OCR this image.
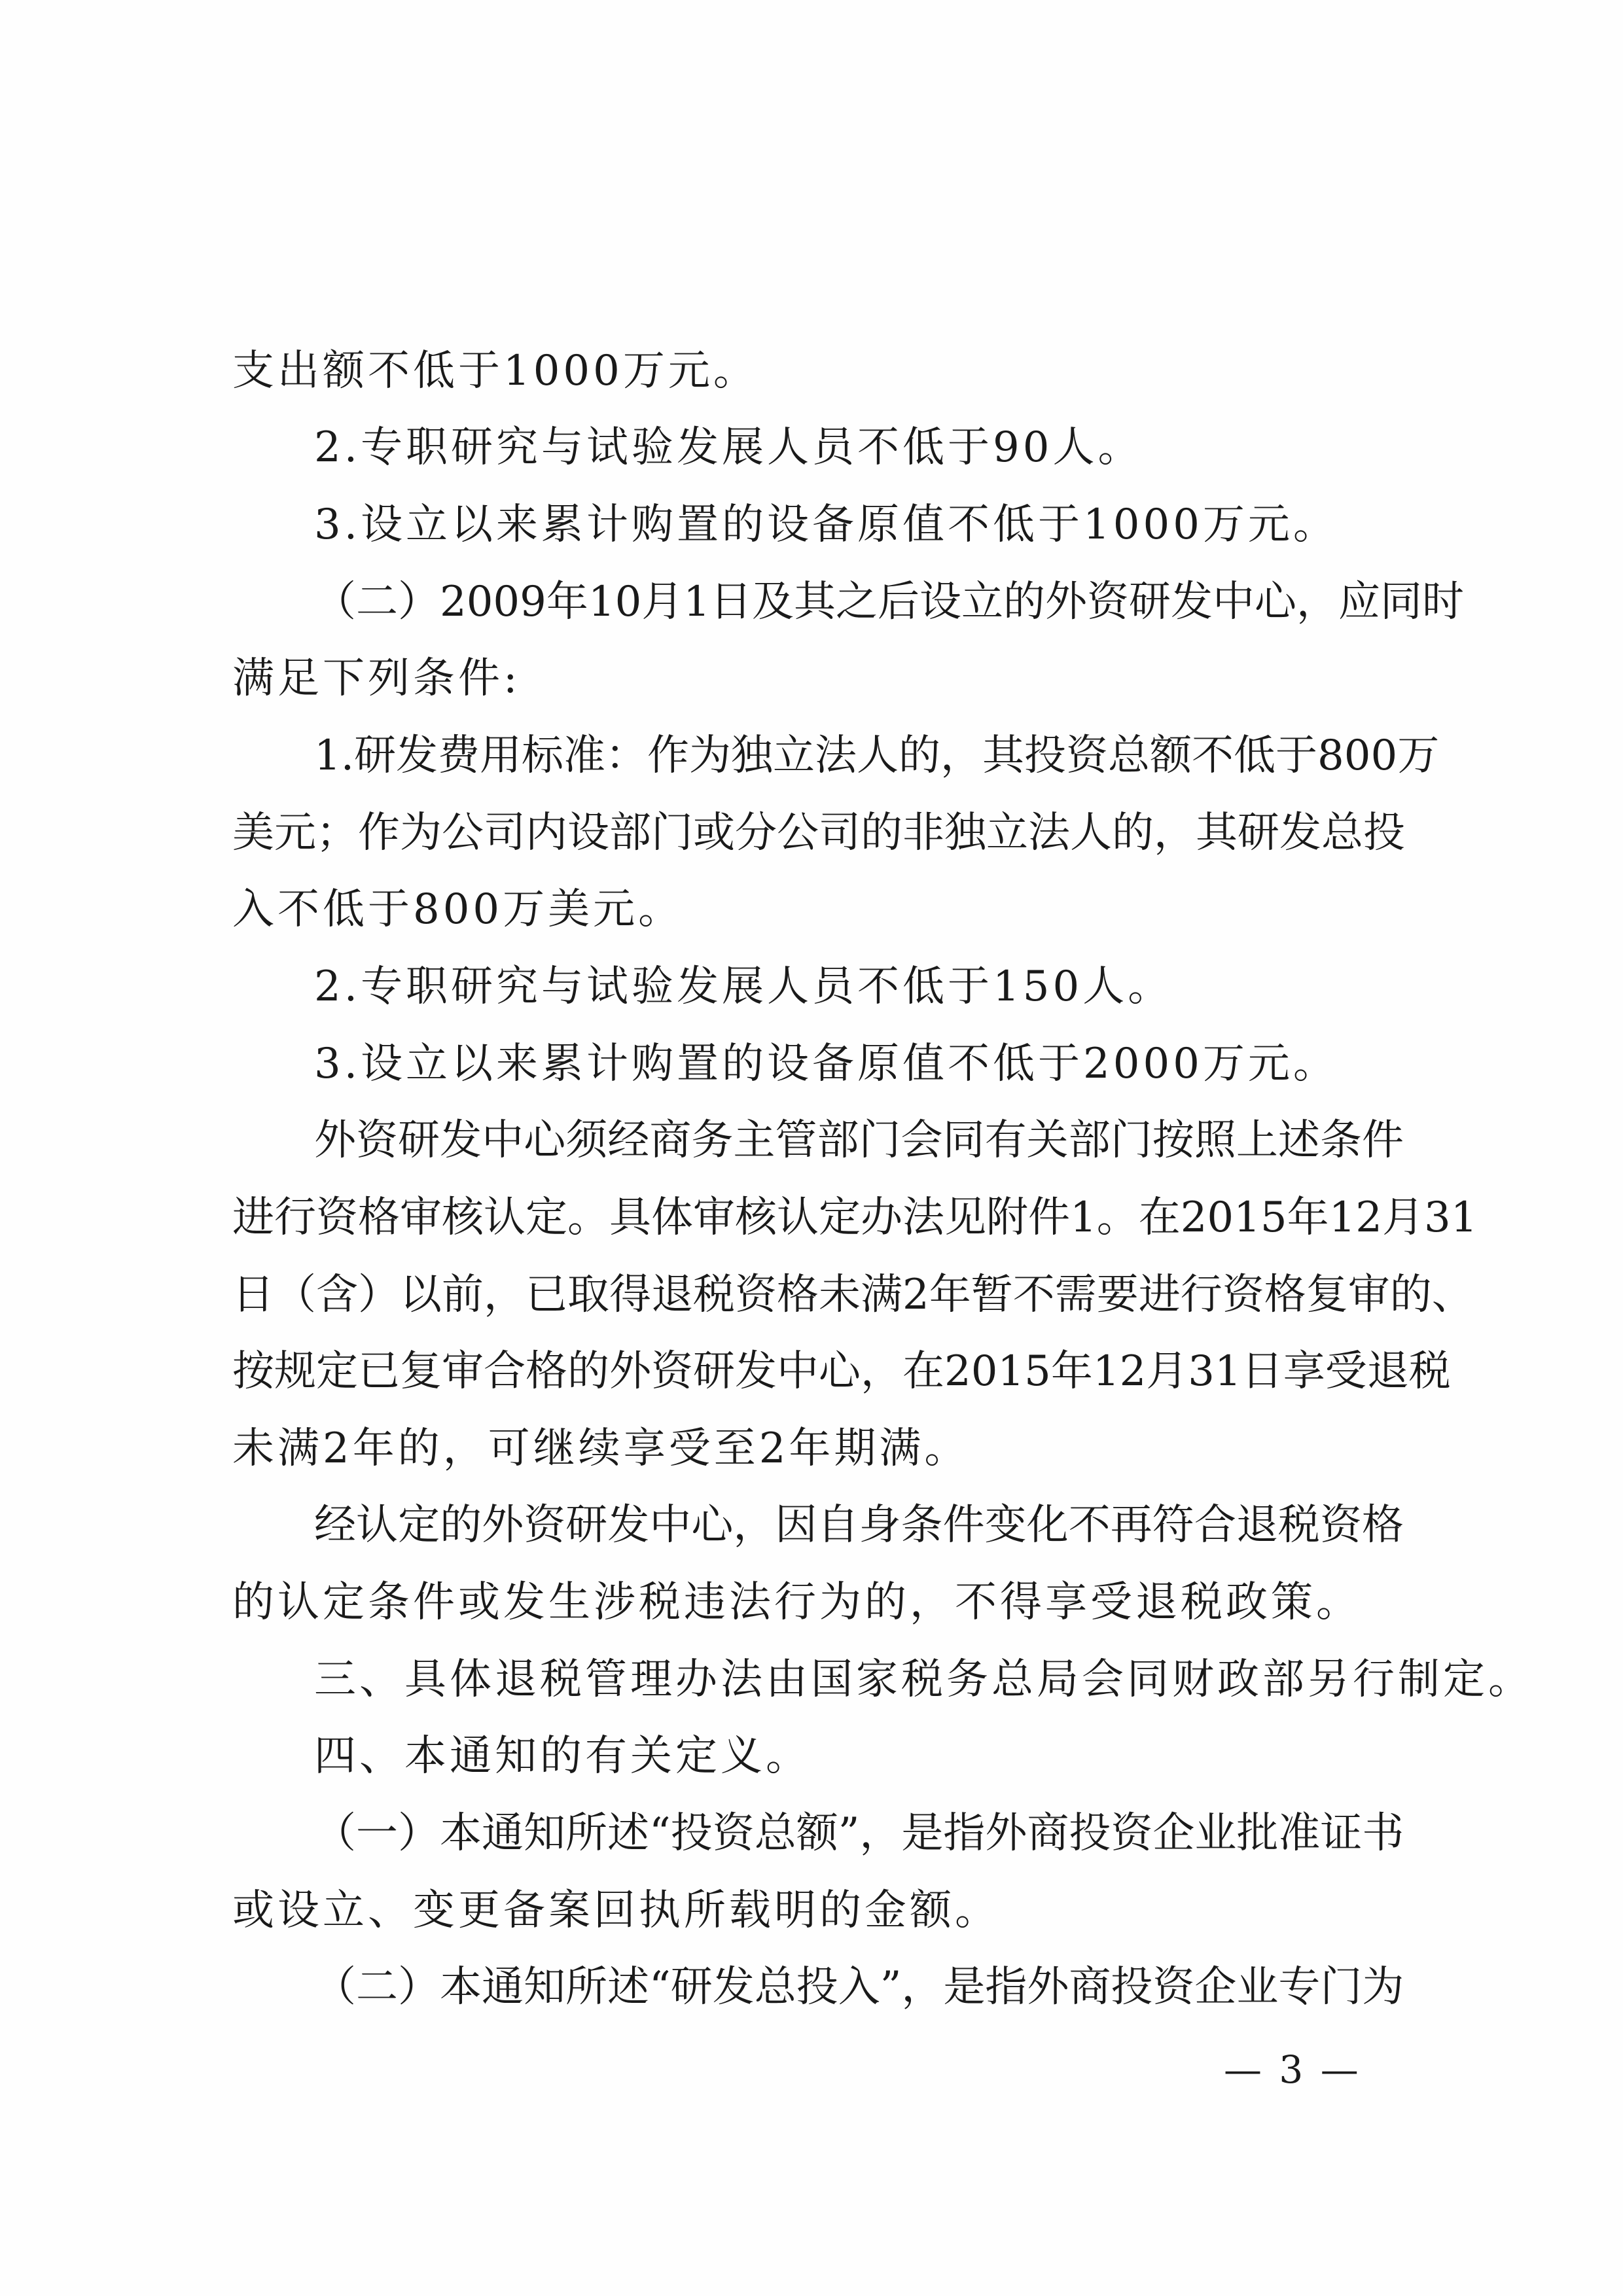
支出额不低于1000万元。
2.专职研究与试验发展人员不低于90人。
3.设立以来累计购置的设备原值不低于1000万元。
（二）2009年10月1日及其之后设立的外资研发中心，应同时
满足下列条件:
1.研发费用标准：作为独立法人的，其投资总额不低于800万
美元；作为公司内设部门或分公司的非独立法人的，其研发总投
入不低于800万美元。
2.专职研究与试验发展人员不低于150人。
3.设立以来累计购置的设备原值不低于2000万元。
外资研发中心须经商务主管部门会同有关部门按照上述条件
进行资格审核认定。具体审核认定办法见附件1。在2015年12月31
日（含）以前，已取得退税资格未满2年暂不需要进行资格复审的、
按规定已复审合格的外资研发中心，在2015年12月31日享受退税
未满2年的，可继续享受至2年期满。
经认定的外资研发中心，因自身条件变化不再符合退税资格
的认定条件或发生涉税违法行为的，不得享受退税政策。
三、具体退税管理办法由国家税务总局会同财政部另行制定。
四、本通知的有关定义。
（一）本通知所述“投资总额”，是指外商投资企业批准证书
或设立、变更备案回执所载明的金额。
（二）本通知所述“研发总投入”，是指外商投资企业专门为
— 3 —
